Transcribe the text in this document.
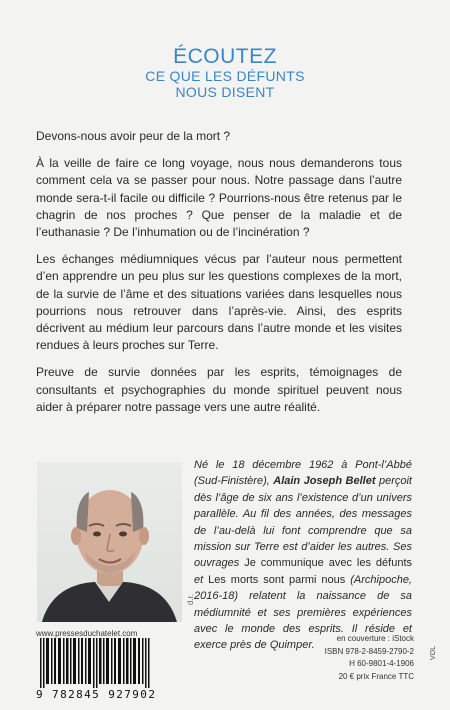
ÉCOUTEZ
CE QUE LES DÉFUNTS
NOUS DISENT

Devons-nous avoir peur de la mort ?

À la veille de faire ce long voyage, nous nous demanderons tous comment cela va se passer pour nous. Notre passage dans l’autre monde sera-t-il facile ou difficile ? Pourrions-nous être retenus par le chagrin de nos proches ? Que penser de la maladie et de l’euthanasie ? De l’inhumation ou de l’incinération ?

Les échanges médiumniques vécus par l’auteur nous permettent d’en apprendre un peu plus sur les questions complexes de la mort, de la survie de l’âme et des situations variées dans lesquelles nous pourrions nous retrouver dans l’après-vie. Ainsi, des esprits décrivent au médium leur parcours dans l’autre monde et les visites rendues à leurs proches sur Terre.

Preuve de survie données par les esprits, témoignages de consultants et psychographies du monde spirituel peuvent nous aider à préparer notre passage vers une autre réalité.

d.r.
Né le 18 décembre 1962 à Pont-l’Abbé (Sud-Finistère), Alain Joseph Bellet perçoit dès l’âge de six ans l’existence d’un univers parallèle. Au fil des années, des messages de l’au-delà lui font comprendre que sa mission sur Terre est d’aider les autres. Ses ouvrages Je communique avec les défunts et Les morts sont parmi nous (Archipoche, 2016-18) relatent la naissance de sa médiumnité et ses premières expériences avec le monde des esprits. Il réside et exerce près de Quimper.
www.pressesduchatelet.com
9 782845 927902
en couverture : iStock
ISBN 978-2-8459-2790-2
H 60-9801-4-1906
20 € prix France TTC
VOL
